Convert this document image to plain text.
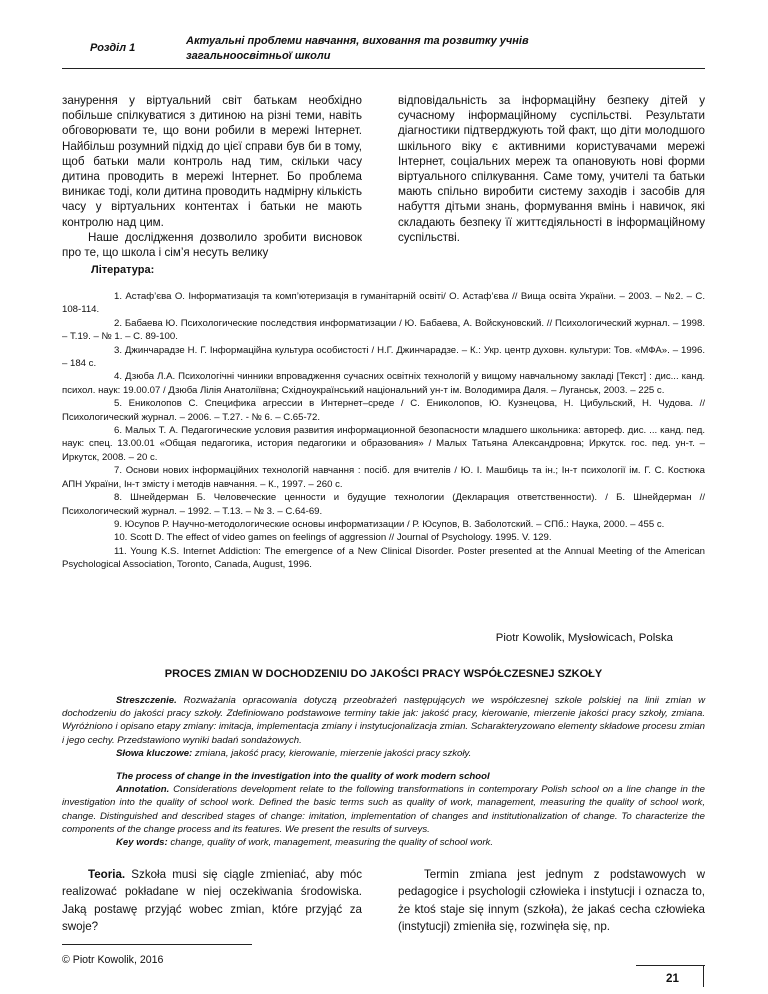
Розділ 1
Актуальні проблеми навчання, виховання та розвитку учнів загальноосвітньої школи

занурення у віртуальний світ батькам необхідно побільше спілкуватися з дитиною на різні теми, навіть обговорювати те, що вони робили в мережі Інтернет. Найбільш розумний підхід до цієї справи був би в тому, щоб батьки мали контроль над тим, скільки часу дитина проводить в мережі Інтернет. Бо проблема виникає тоді, коли дитина проводить надмірну кількість часу у віртуальних контентах і батьки не мають контролю над цим.

Наше дослідження дозволило зробити висновок про те, що школа і сім’я несуть велику

відповідальність за інформаційну безпеку дітей у сучасному інформаційному суспільстві. Результати діагностики підтверджують той факт, що діти молодшого шкільного віку є активними користувачами мережі Інтернет, соціальних мереж та опановують нові форми віртуального спілкування. Саме тому, учителі та батьки мають спільно виробити систему заходів і засобів для набуття дітьми знань, формування вмінь і навичок, які складають безпеку її життєдіяльності в інформаційному суспільстві.

Література:

1. Астаф’єва О. Інформатизація та комп’ютеризація в гуманітарній освіті/ О. Астаф’єва // Вища освіта України. – 2003. – №2. – С. 108-114.

2. Бабаева Ю. Психологические последствия информатизации / Ю. Бабаева, А. Войскуновский. // Психологический журнал. – 1998. – Т.19. – № 1. – С. 89-100.

3. Джинчарадзе Н. Г. Інформаційна культура особистості / Н.Г. Джинчарадзе. – К.: Укр. центр духовн. культури: Тов. «МФА». – 1996. – 184 с.

4. Дзюба Л.А. Психологічні чинники впровадження сучасних освітніх технологій у вищому навчальному закладі [Текст] : дис... канд. психол. наук: 19.00.07 / Дзюба Лілія Анатоліївна; Східноукраїнський національний ун-т ім. Володимира Даля. – Луганськ, 2003. – 225 с.

5. Ениколопов С. Специфика агрессии в Интернет–среде / С. Ениколопов, Ю. Кузнецова, Н. Цибульский, Н. Чудова. // Психологический журнал. – 2006. – Т.27. - № 6. – С.65-72.

6. Малых Т. А. Педагогические условия развития информационной безопасности младшего школьника: автореф. дис. ... канд. пед. наук: спец. 13.00.01 «Общая педагогика, история педагогики и образования» / Малых Татьяна Александровна; Иркутск. гос. пед. ун-т. – Иркутск, 2008. – 20 с.

7. Основи нових інформаційних технологій навчання : посіб. для вчителів / Ю. І. Машбиць та ін.; Ін-т психології ім. Г. С. Костюка АПН України, Ін-т змісту і методів навчання. – К., 1997. – 260 с.

8. Шнейдерман Б. Человеческие ценности и будущие технологии (Декларация ответственности). / Б. Шнейдерман // Психологический журнал. – 1992. – Т.13. – № 3. – С.64-69.

9. Юсупов Р. Научно-методологические основы информатизации / Р. Юсупов, В. Заболотский. – СПб.: Наука, 2000. – 455 с.

10. Scott D. The effect of video games on feelings of aggression // Journal of Psychology. 1995. V. 129.

11. Young K.S. Internet Addiction: The emergence of a New Clinical Disorder. Poster presented at the Annual Meeting of the American Psychological Association, Toronto, Canada, August, 1996.

Piotr Kowolik, Mysłowicach, Polska
PROCES ZMIAN W DOCHODZENIU DO JAKOŚCI PRACY WSPÓŁCZESNEJ SZKOŁY

Streszczenie. Rozważania opracowania dotyczą przeobrażeń następujących we współczesnej szkole polskiej na linii zmian w dochodzeniu do jakości pracy szkoły. Zdefiniowano podstawowe terminy takie jak: jakość pracy, kierowanie, mierzenie jakości pracy szkoły, zmiana. Wyróżniono i opisano etapy zmiany: imitacja, implementacja zmiany i instytucjonalizacja zmian. Scharakteryzowano elementy składowe procesu zmian i jego cechy. Przedstawiono wyniki badań sondażowych.

Słowa kluczowe: zmiana, jakość pracy, kierowanie, mierzenie jakości pracy szkoły.

The process of change in the investigation into the quality of work modern school

Annotation. Considerations development relate to the following transformations in contemporary Polish school on a line change in the investigation into the quality of school work. Defined the basic terms such as quality of work, management, measuring the quality of school work, change. Distinguished and described stages of change: imitation, implementation of changes and institutionalization of change. To characterize the components of the change process and its features. We present the results of surveys.

Key words: change, quality of work, management, measuring the quality of school work.

Teoria. Szkoła musi się ciągle zmieniać, aby móc realizować pokładane w niej oczekiwania środowiska. Jaką postawę przyjąć wobec zmian, które przyjąć za swoje?

Termin zmiana jest jednym z podstawowych w pedagogice i psychologii człowieka i instytucji i oznacza to, że ktoś staje się innym (szkoła), że jakaś cecha człowieka (instytucji) zmieniła się, rozwinęła się, np.

© Piotr Kowolik, 2016
21
